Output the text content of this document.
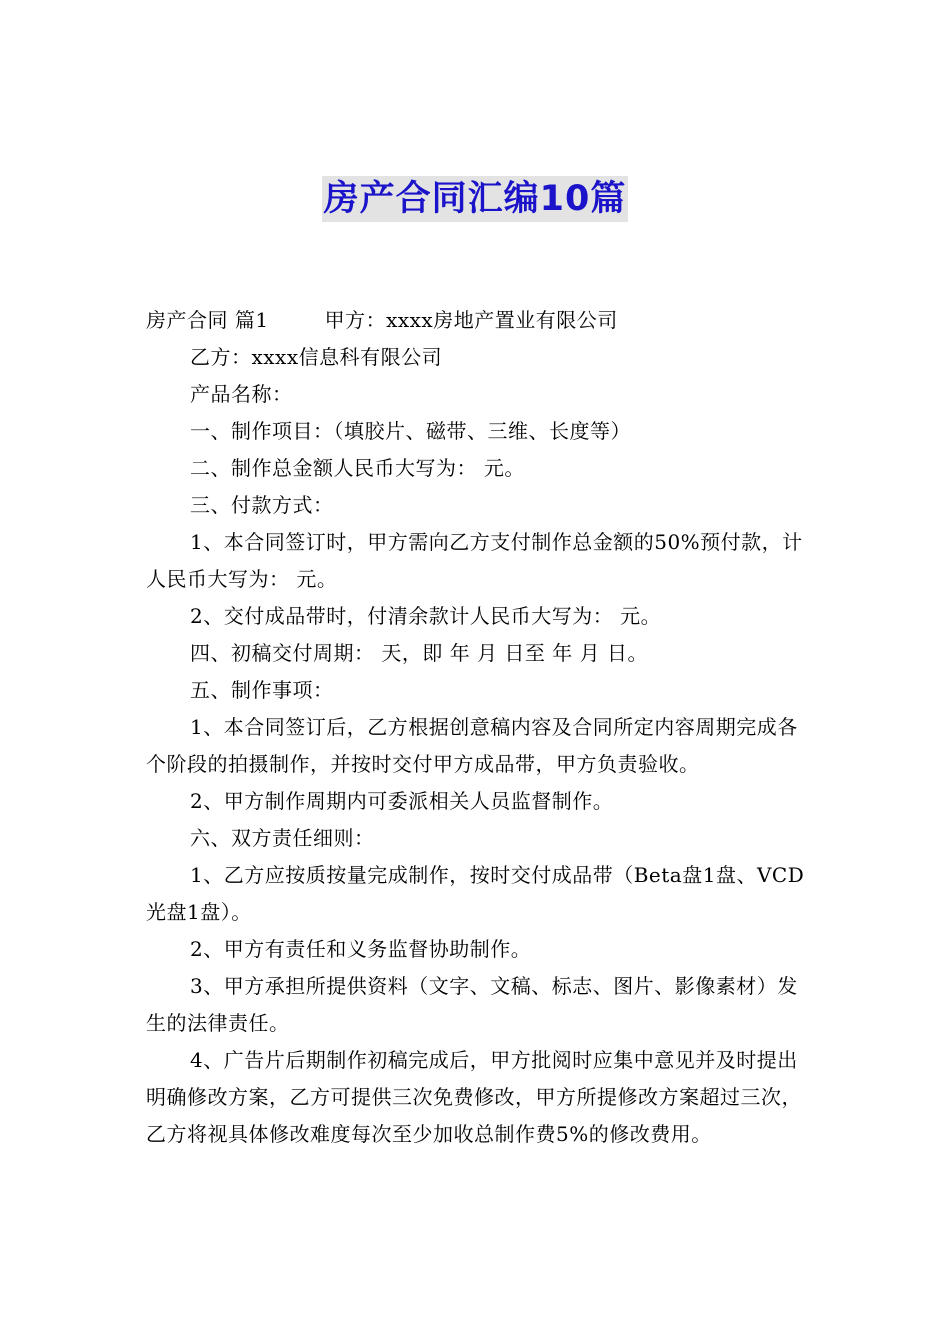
房产合同汇编10篇

房产合同 篇1	甲方：xxxx房地产置业有限公司

乙方：xxxx信息科有限公司

产品名称：

一、制作项目：（填胶片、磁带、三维、长度等）

二、制作总金额人民币大写为： 元。

三、付款方式：

1、本合同签订时，甲方需向乙方支付制作总金额的50%预付款，计人民币大写为： 元。

2、交付成品带时，付清余款计人民币大写为： 元。

四、初稿交付周期： 天，即 年 月 日至 年 月 日。

五、制作事项：

1、本合同签订后，乙方根据创意稿内容及合同所定内容周期完成各个阶段的拍摄制作，并按时交付甲方成品带，甲方负责验收。

2、甲方制作周期内可委派相关人员监督制作。

六、双方责任细则：

1、乙方应按质按量完成制作，按时交付成品带（Beta盘1盘、VCD光盘1盘）。

2、甲方有责任和义务监督协助制作。

3、甲方承担所提供资料（文字、文稿、标志、图片、影像素材）发生的法律责任。

4、广告片后期制作初稿完成后，甲方批阅时应集中意见并及时提出明确修改方案，乙方可提供三次免费修改，甲方所提修改方案超过三次，乙方将视具体修改难度每次至少加收总制作费5%的修改费用。
